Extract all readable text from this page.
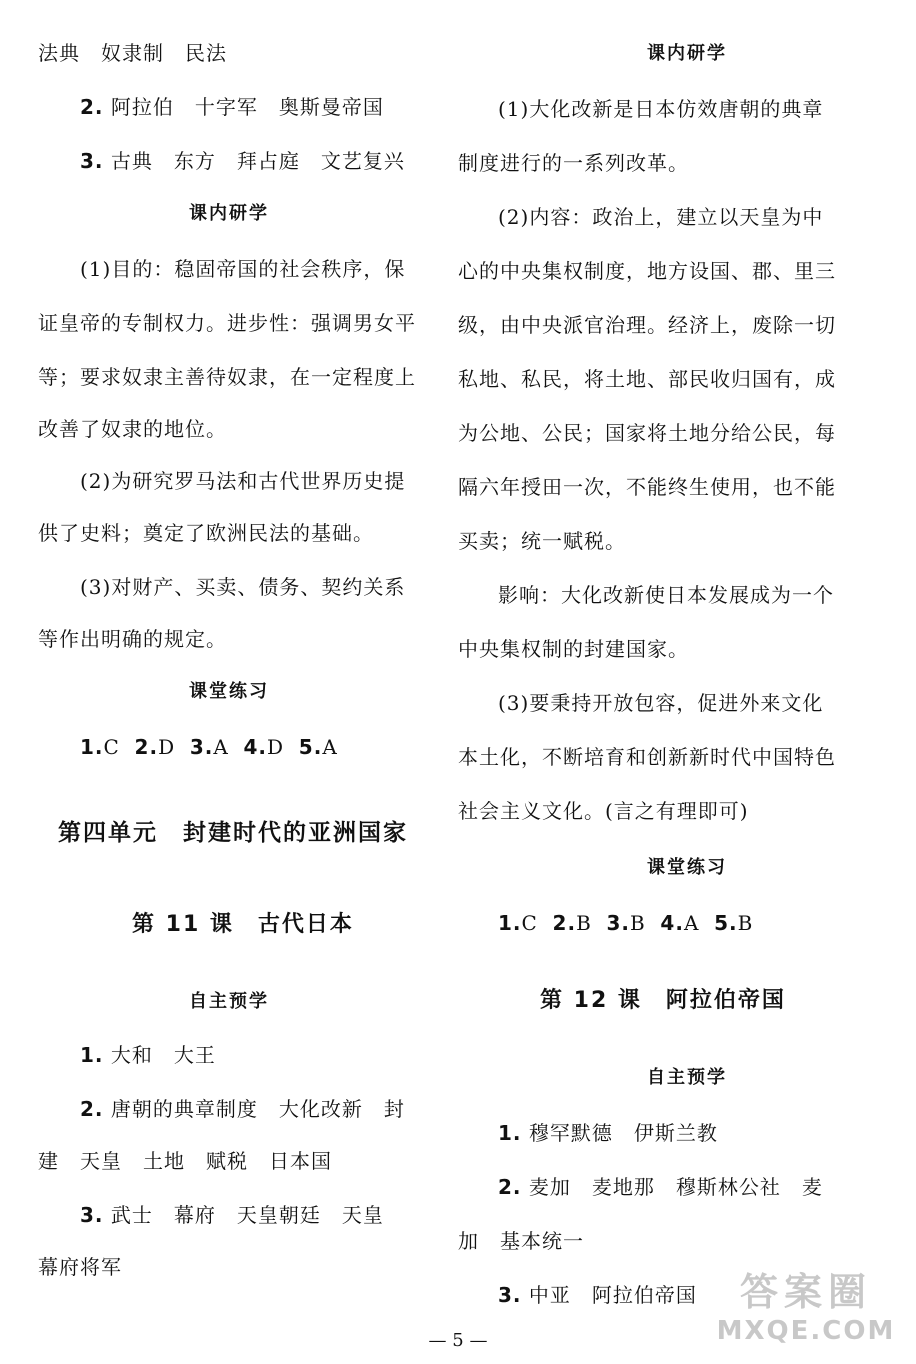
法典　奴隶制　民法
2. 阿拉伯　十字军　奥斯曼帝国
3. 古典　东方　拜占庭　文艺复兴
课内研学
(1)目的：稳固帝国的社会秩序，保
证皇帝的专制权力。进步性：强调男女平
等；要求奴隶主善待奴隶，在一定程度上
改善了奴隶的地位。
(2)为研究罗马法和古代世界历史提
供了史料；奠定了欧洲民法的基础。
(3)对财产、买卖、债务、契约关系
等作出明确的规定。
课堂练习
1.C 2.D 3.A 4.D 5.A
第四单元　封建时代的亚洲国家
第 11 课　古代日本
自主预学
1. 大和　大王
2. 唐朝的典章制度　大化改新　封
建　天皇　土地　赋税　日本国
3. 武士　幕府　天皇朝廷　天皇
幕府将军
课内研学
(1)大化改新是日本仿效唐朝的典章
制度进行的一系列改革。
(2)内容：政治上，建立以天皇为中
心的中央集权制度，地方设国、郡、里三
级，由中央派官治理。经济上，废除一切
私地、私民，将土地、部民收归国有，成
为公地、公民；国家将土地分给公民，每
隔六年授田一次，不能终生使用，也不能
买卖；统一赋税。
影响：大化改新使日本发展成为一个
中央集权制的封建国家。
(3)要秉持开放包容，促进外来文化
本土化，不断培育和创新新时代中国特色
社会主义文化。(言之有理即可)
课堂练习
1.C 2.B 3.B 4.A 5.B
第 12 课　阿拉伯帝国
自主预学
1. 穆罕默德　伊斯兰教
2. 麦加　麦地那　穆斯林公社　麦
加　基本统一
3. 中亚　阿拉伯帝国
— 5 —
答案圈
MXQE.COM
